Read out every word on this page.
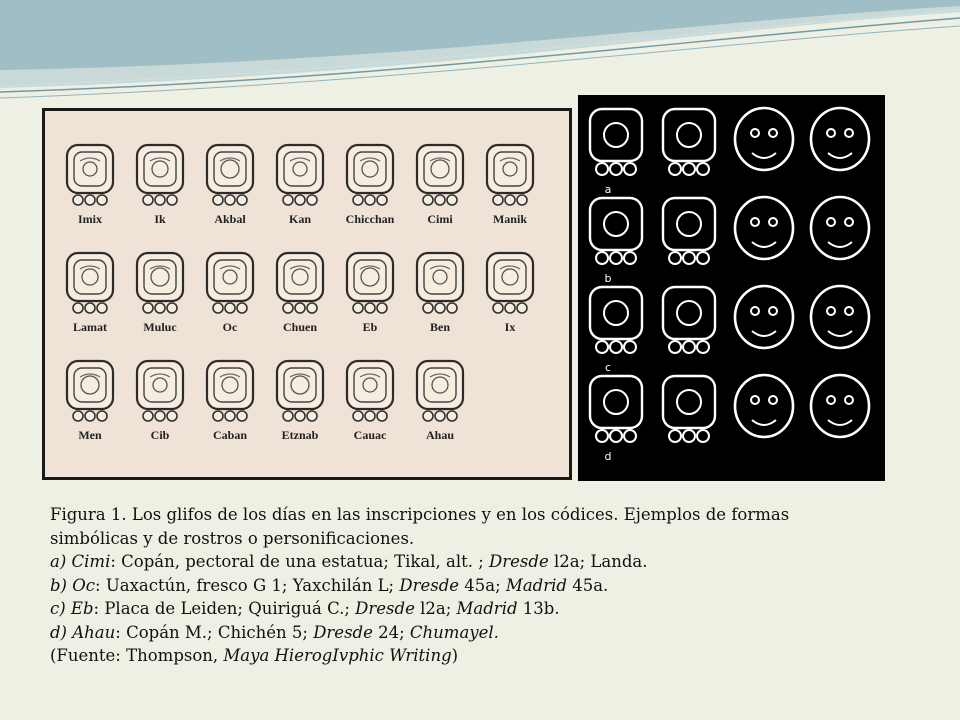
Imix	Ik	Akbal	Kan	Chicchan	Cimi	Manik
Lamat	Muluc	Oc	Chuen	Eb	Ben	Ix
Men	Cib	Caban	Etznab	Cauac	Ahau
a
b
c
d

Figura 1. Los glifos de los días en las inscripciones y en los códices. Ejemplos de formas

simbólicas y de rostros o personificaciones.

a) Cimi: Copán, pectoral de una estatua; Tikal, alt. ; Dresde l2a; Landa.

b) Oc: Uaxactún, fresco G 1; Yaxchilán L; Dresde 45a; Madrid 45a.

c) Eb: Placa de Leiden; Quiriguá C.; Dresde l2a; Madrid 13b.

d) Ahau: Copán M.; Chichén 5; Dresde 24; Chumayel.

(Fuente: Thompson, Maya HierogIvphic Writing)
